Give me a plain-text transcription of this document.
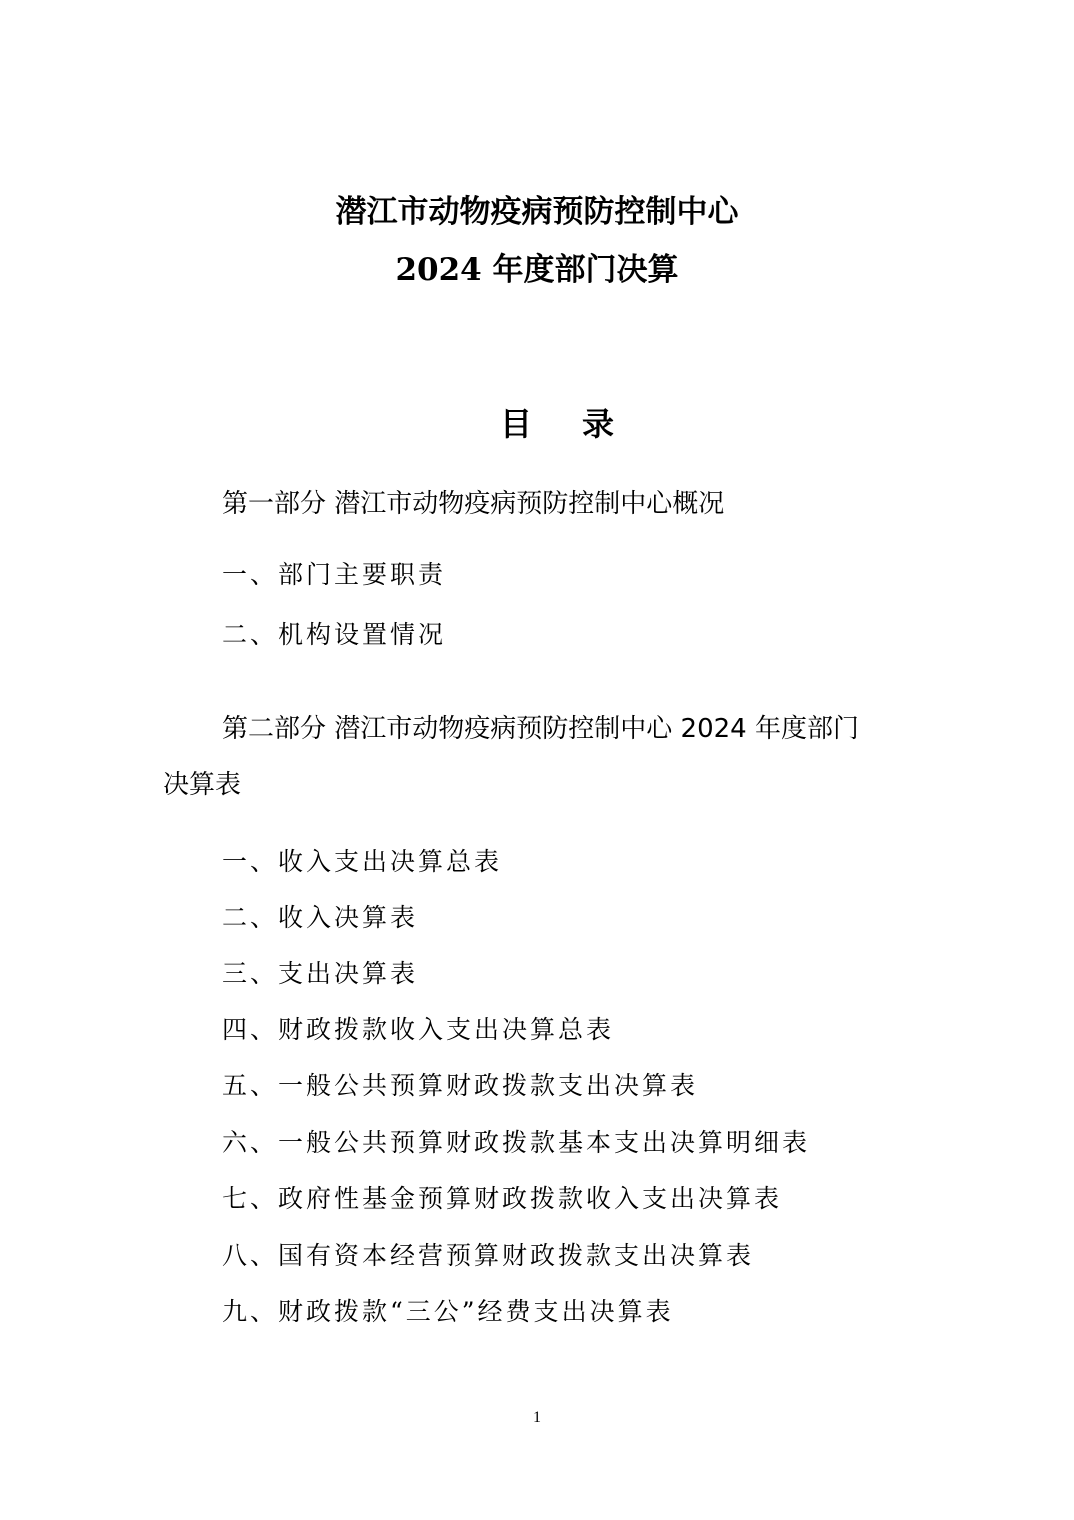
潜江市动物疫病预防控制中心
2024 年度部门决算
目录
第一部分 潜江市动物疫病预防控制中心概况
一、部门主要职责
二、机构设置情况
第二部分 潜江市动物疫病预防控制中心 2024 年度部门
决算表
一、收入支出决算总表
二、收入决算表
三、支出决算表
四、财政拨款收入支出决算总表
五、一般公共预算财政拨款支出决算表
六、一般公共预算财政拨款基本支出决算明细表
七、政府性基金预算财政拨款收入支出决算表
八、国有资本经营预算财政拨款支出决算表
九、财政拨款“三公”经费支出决算表
1
